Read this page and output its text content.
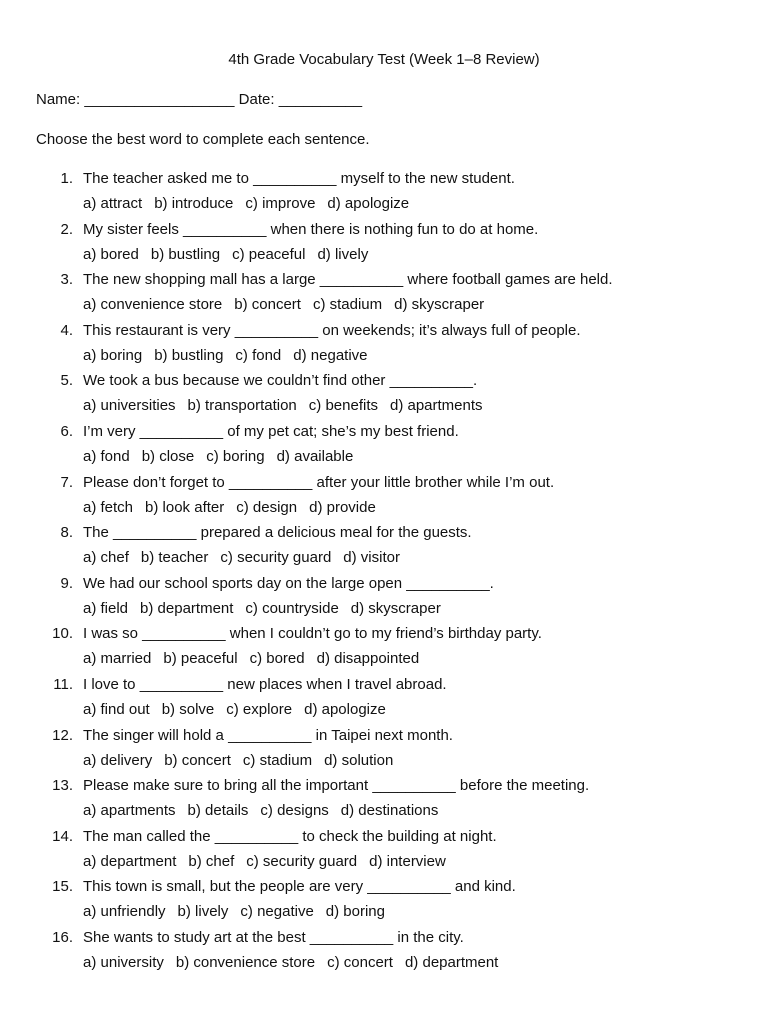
4th Grade Vocabulary Test (Week 1–8 Review)
Name: __________________ Date: __________
Choose the best word to complete each sentence.
1. The teacher asked me to __________ myself to the new student.
a) attract b) introduce c) improve d) apologize
2. My sister feels __________ when there is nothing fun to do at home.
a) bored b) bustling c) peaceful d) lively
3. The new shopping mall has a large __________ where football games are held.
a) convenience store b) concert c) stadium d) skyscraper
4. This restaurant is very __________ on weekends; it’s always full of people.
a) boring b) bustling c) fond d) negative
5. We took a bus because we couldn’t find other __________.
a) universities b) transportation c) benefits d) apartments
6. I’m very __________ of my pet cat; she’s my best friend.
a) fond b) close c) boring d) available
7. Please don’t forget to __________ after your little brother while I’m out.
a) fetch b) look after c) design d) provide
8. The __________ prepared a delicious meal for the guests.
a) chef b) teacher c) security guard d) visitor
9. We had our school sports day on the large open __________.
a) field b) department c) countryside d) skyscraper
10. I was so __________ when I couldn’t go to my friend’s birthday party.
a) married b) peaceful c) bored d) disappointed
11. I love to __________ new places when I travel abroad.
a) find out b) solve c) explore d) apologize
12. The singer will hold a __________ in Taipei next month.
a) delivery b) concert c) stadium d) solution
13. Please make sure to bring all the important __________ before the meeting.
a) apartments b) details c) designs d) destinations
14. The man called the __________ to check the building at night.
a) department b) chef c) security guard d) interview
15. This town is small, but the people are very __________ and kind.
a) unfriendly b) lively c) negative d) boring
16. She wants to study art at the best __________ in the city.
a) university b) convenience store c) concert d) department
